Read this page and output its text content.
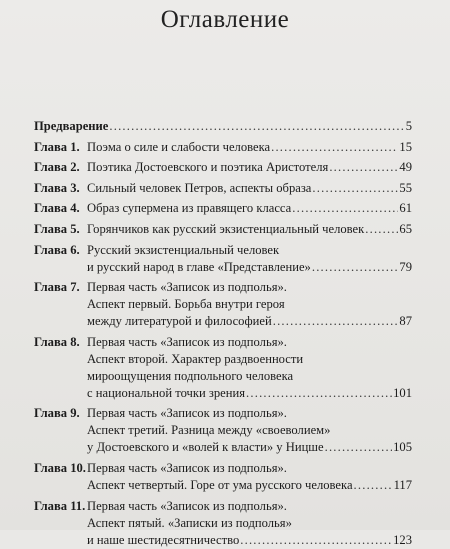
Оглавление
Предварение .....	5
Глава 1. Поэма о силе и слабости человека .....	15
Глава 2. Поэтика Достоевского и поэтика Аристотеля .....	49
Глава 3. Сильный человек Петров, аспекты образа .....	55
Глава 4. Образ супермена из правящего класса .....	61
Глава 5. Горянчиков как русский экзистенциальный человек .....	65
Глава 6. Русский экзистенциальный человек
и русский народ в главе «Представление» .....	79
Глава 7. Первая часть «Записок из подполья».
Аспект первый. Борьба внутри героя
между литературой и философией .....	87
Глава 8. Первая часть «Записок из подполья».
Аспект второй. Характер раздвоенности
мироощущения подпольного человека
с национальной точки зрения .....	101
Глава 9. Первая часть «Записок из подполья».
Аспект третий. Разница между «своеволием»
у Достоевского и «волей к власти» у Ницше .....	105
Глава 10. Первая часть «Записок из подполья».
Аспект четвертый. Горе от ума русского человека .....	117
Глава 11. Первая часть «Записок из подполья».
Аспект пятый. «Записки из подполья»
и наше шестидесятничество .....	123
